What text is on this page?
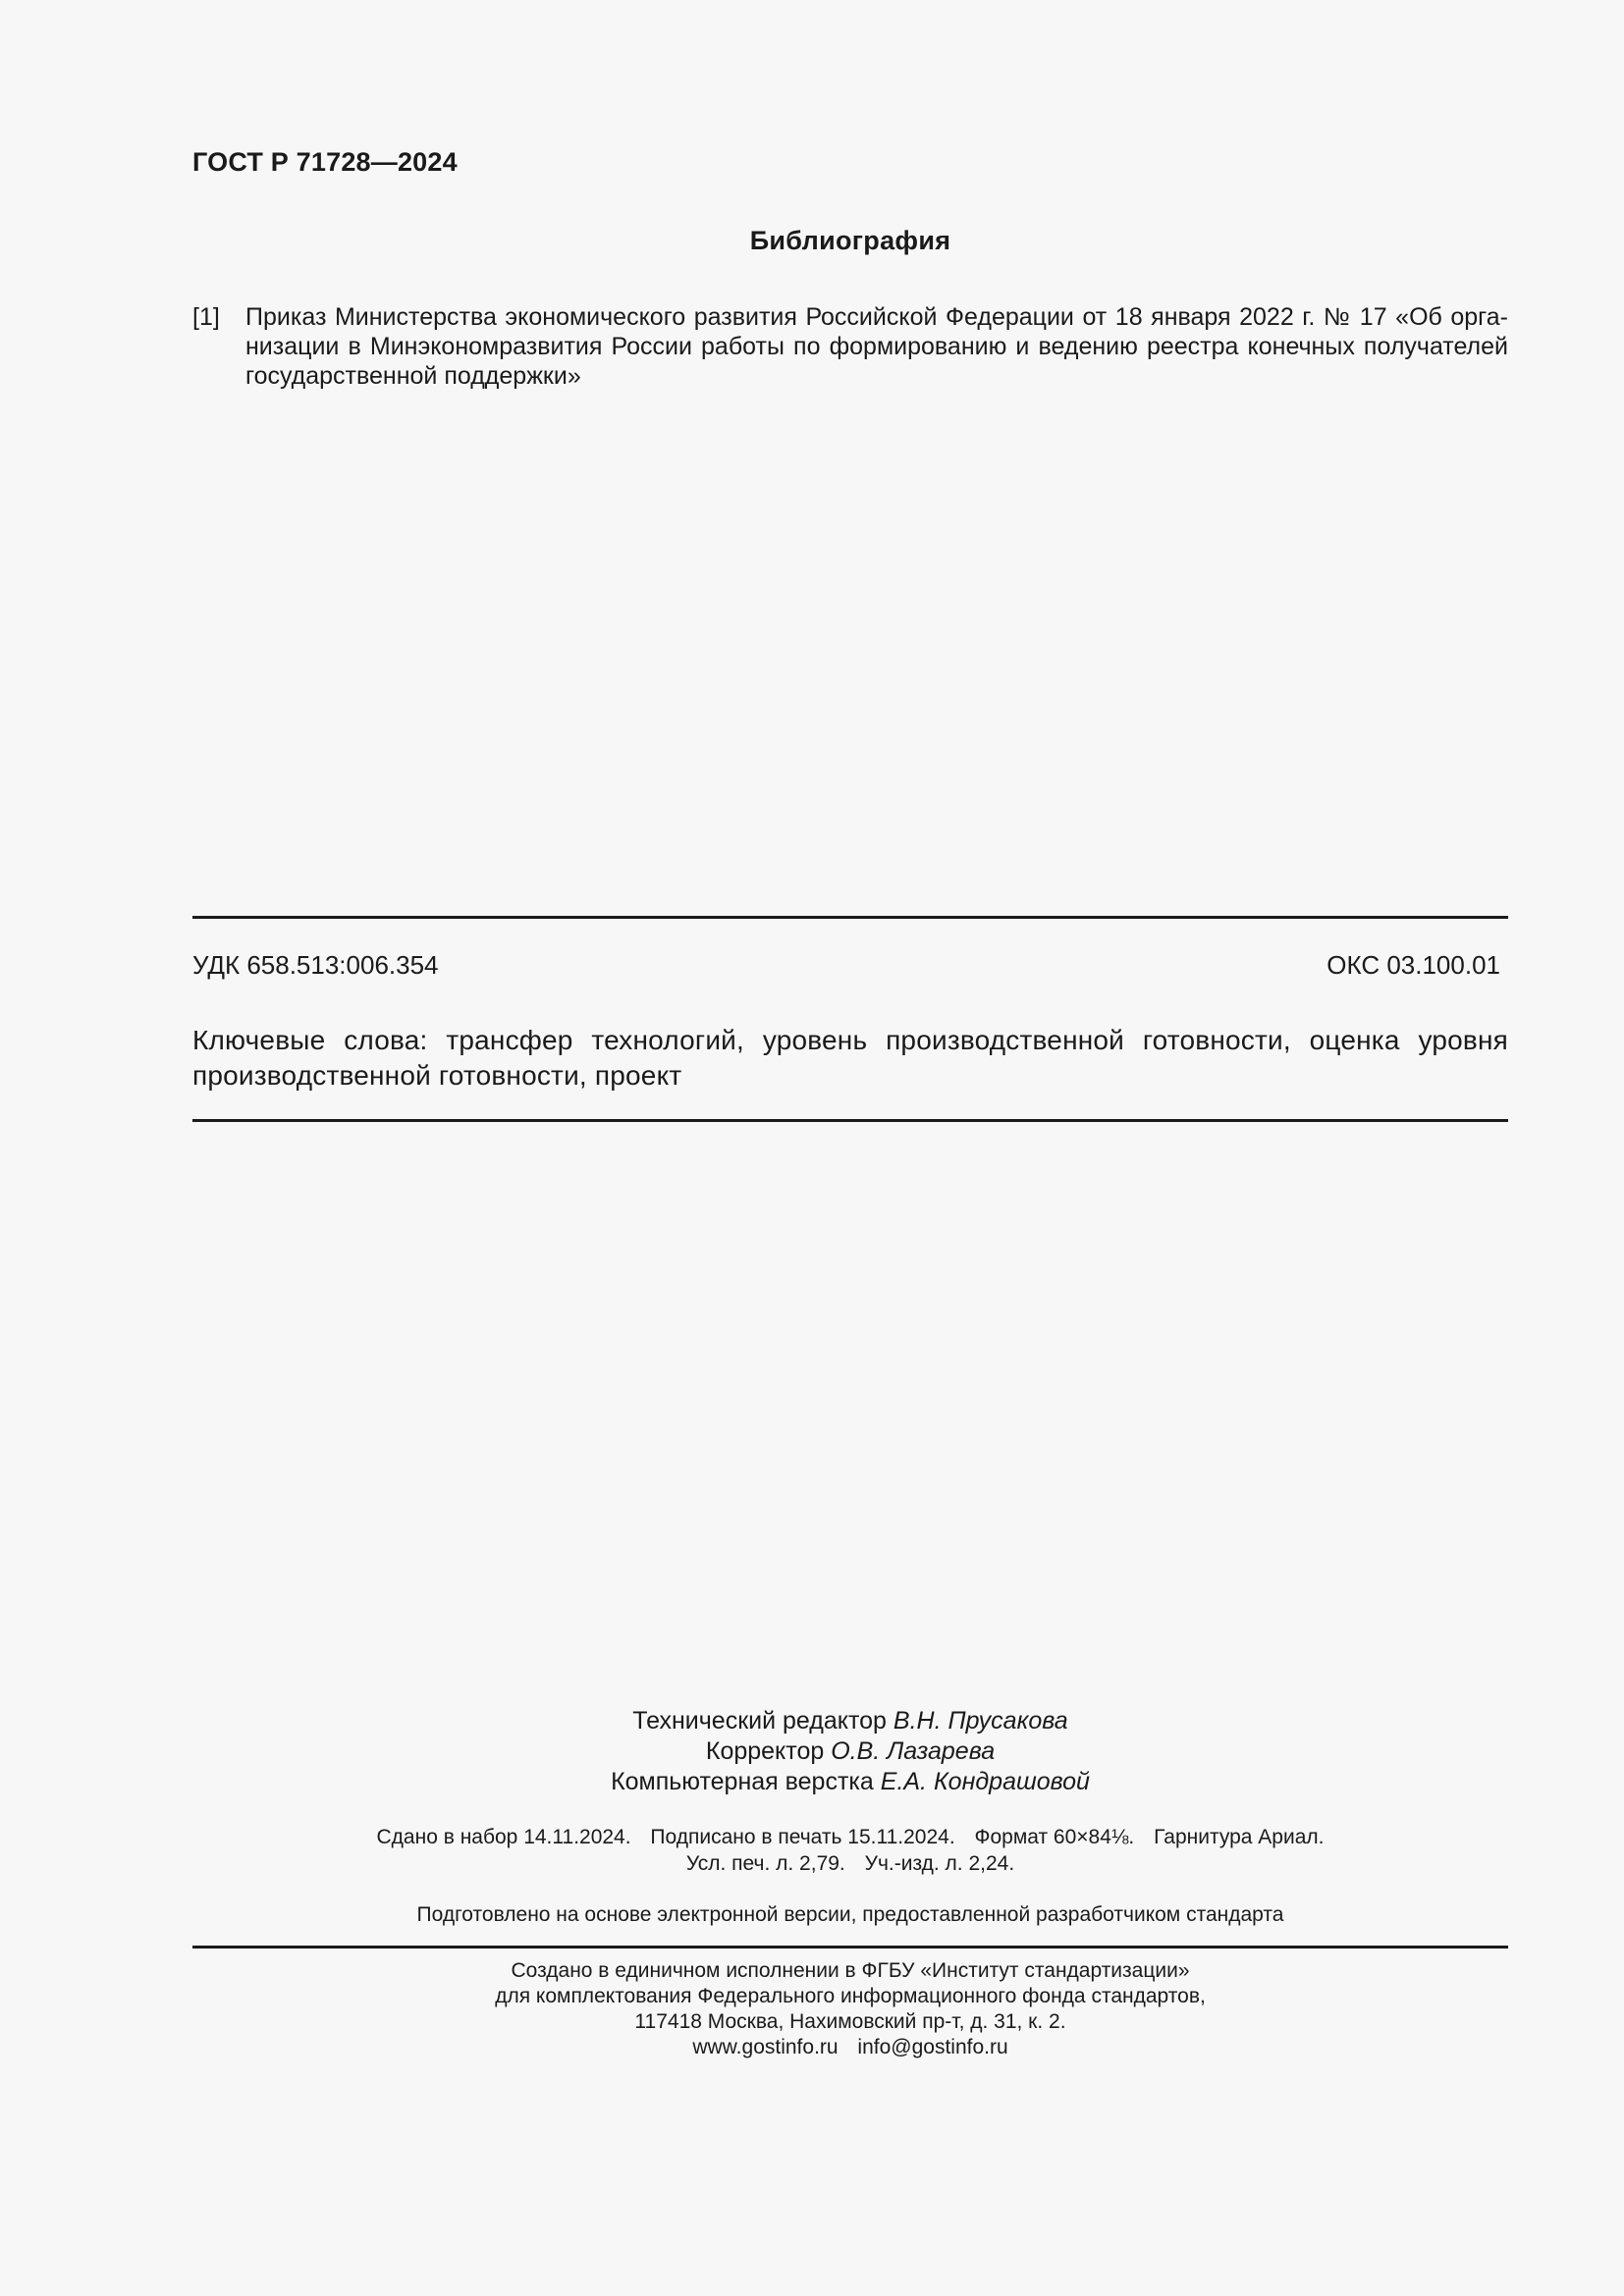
ГОСТ Р 71728—2024
Библиография
[1]	Приказ Министерства экономического развития Российской Федерации от 18 января 2022 г. № 17 «Об организации в Минэкономразвития России работы по формированию и ведению реестра конечных получателей государственной поддержки»
УДК 658.513:006.354	ОКС 03.100.01
Ключевые слова: трансфер технологий, уровень производственной готовности, оценка уровня производственной готовности, проект
Технический редактор В.Н. Прусакова
Корректор О.В. Лазарева
Компьютерная верстка Е.А. Кондрашовой
Сдано в набор 14.11.2024. Подписано в печать 15.11.2024. Формат 60×84⅛. Гарнитура Ариал.
Усл. печ. л. 2,79. Уч.-изд. л. 2,24.
Подготовлено на основе электронной версии, предоставленной разработчиком стандарта
Создано в единичном исполнении в ФГБУ «Институт стандартизации»
для комплектования Федерального информационного фонда стандартов,
117418 Москва, Нахимовский пр-т, д. 31, к. 2.
www.gostinfo.ru info@gostinfo.ru
